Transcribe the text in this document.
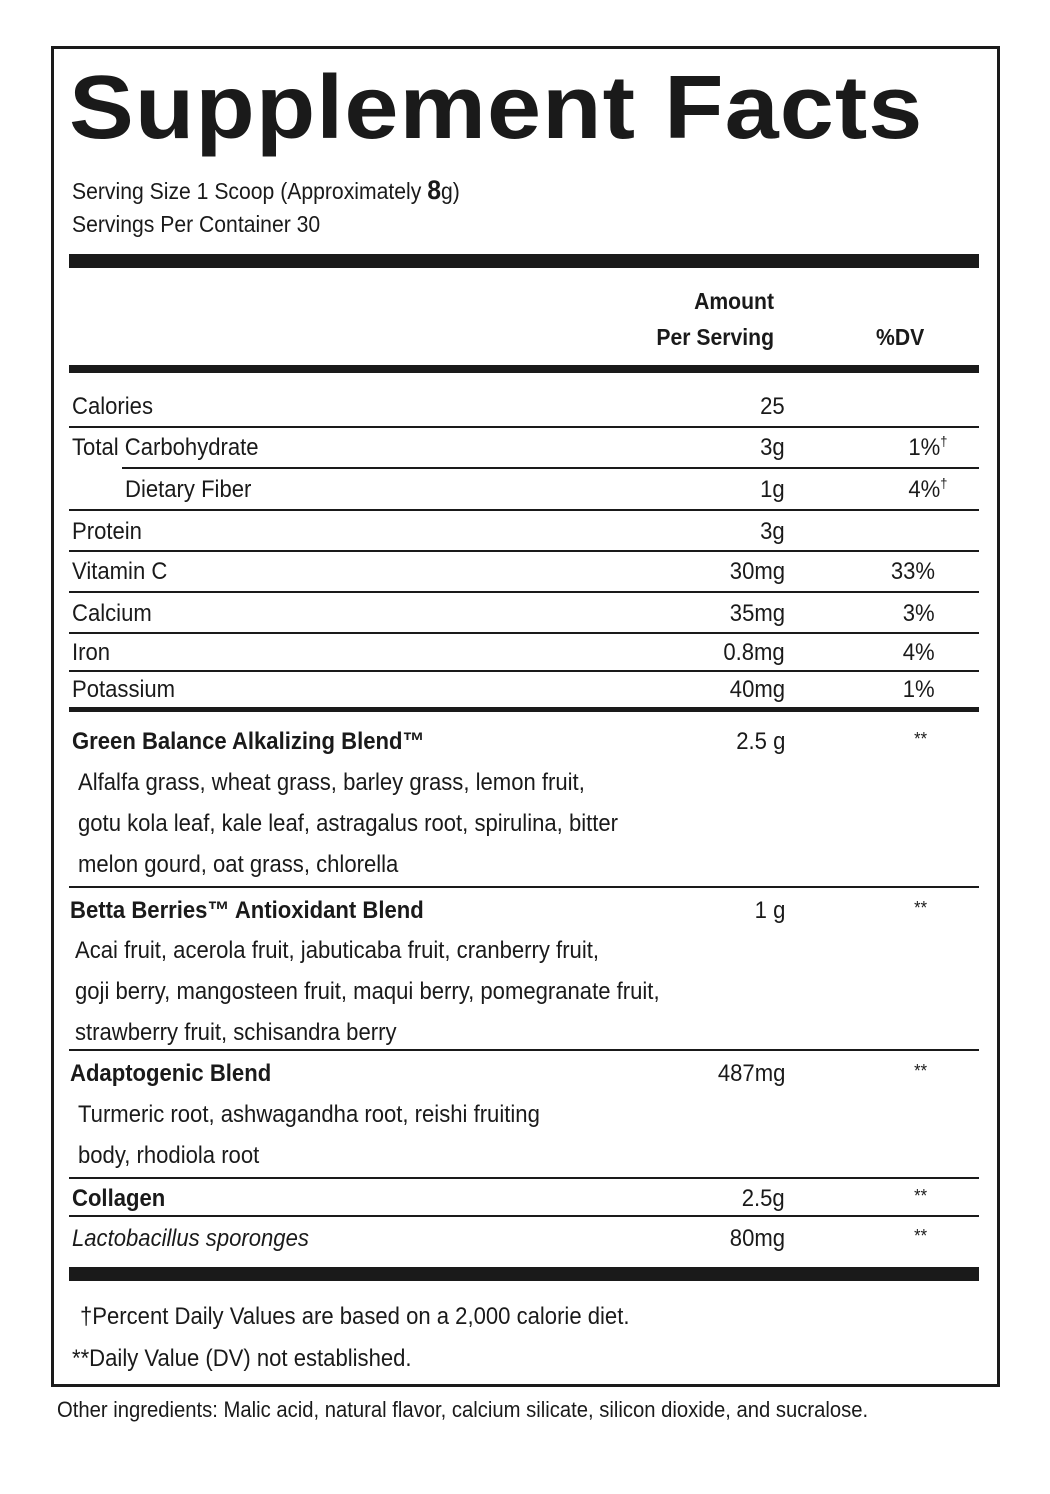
Supplement Facts
Serving Size 1 Scoop (Approximately 8g)
Servings Per Container 30
Amount
Per Serving	%DV
Calories	25
Total Carbohydrate	3g	1%†
Dietary Fiber	1g	4%†
Protein	3g
Vitamin C	30mg	33%
Calcium	35mg	3%
Iron	0.8mg	4%
Potassium	40mg	1%
Green Balance Alkalizing Blend™	2.5 g	**
Alfalfa grass, wheat grass, barley grass, lemon fruit,
gotu kola leaf, kale leaf, astragalus root, spirulina, bitter
melon gourd, oat grass, chlorella
Betta Berries™ Antioxidant Blend	1 g	**
Acai fruit, acerola fruit, jabuticaba fruit, cranberry fruit,
goji berry, mangosteen fruit, maqui berry, pomegranate fruit,
strawberry fruit, schisandra berry
Adaptogenic Blend	487mg	**
Turmeric root, ashwagandha root, reishi fruiting
body, rhodiola root
Collagen	2.5g	**
Lactobacillus sporonges	80mg	**
†Percent Daily Values are based on a 2,000 calorie diet.
**Daily Value (DV) not established.
Other ingredients: Malic acid, natural flavor, calcium silicate, silicon dioxide, and sucralose.
